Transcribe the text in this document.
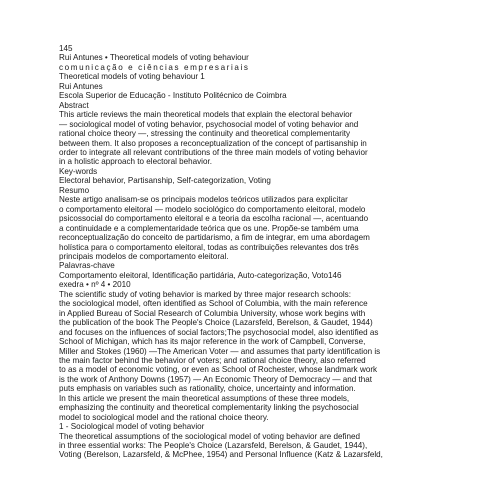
145
Rui Antunes • Theoretical models of voting behaviour
comunicação e ciências empresariais
Theoretical models of voting behaviour 1
Rui Antunes
Escola Superior de Educação - Instituto Politécnico de Coimbra
Abstract
This article reviews the main theoretical models that explain the electoral behavior
— sociological model of voting behavior, psychosocial model of voting behavior and
rational choice theory —, stressing the continuity and theoretical complementarity
between them. It also proposes a reconceptualization of the concept of partisanship in
order to integrate all relevant contributions of the three main models of voting behavior
in a holistic approach to electoral behavior.
Key-words
Electoral behavior, Partisanship, Self-categorization, Voting
Resumo
Neste artigo analisam-se os principais modelos teóricos utilizados para explicitar
o comportamento eleitoral — modelo sociológico do comportamento eleitoral, modelo
psicossocial do comportamento eleitoral e a teoria da escolha racional —, acentuando
a continuidade e a complementaridade teórica que os une. Propõe-se também uma
reconceptualização do conceito de partidarismo, a fim de integrar, em uma abordagem
holística para o comportamento eleitoral, todas as contribuições relevantes dos três
principais modelos de comportamento eleitoral.
Palavras-chave
Comportamento eleitoral, Identificação partidária, Auto-categorização, Voto146
exedra • nº 4 • 2010
The scientific study of voting behavior is marked by three major research schools:
the sociological model, often identified as School of Columbia, with the main reference
in Applied Bureau of Social Research of Columbia University, whose work begins with
the publication of the book The People's Choice (Lazarsfeld, Berelson, & Gaudet, 1944)
and focuses on the influences of social factors;The psychosocial model, also identified as
School of Michigan, which has its major reference in the work of Campbell, Converse,
Miller and Stokes (1960) —The American Voter — and assumes that party identification is
the main factor behind the behavior of voters; and rational choice theory, also referred
to as a model of economic voting, or even as School of Rochester, whose landmark work
is the work of Anthony Downs (1957) — An Economic Theory of Democracy — and that
puts emphasis on variables such as rationality, choice, uncertainty and information.
In this article we present the main theoretical assumptions of these three models,
emphasizing the continuity and theoretical complementarity linking the psychosocial
model to sociological model and the rational choice theory.
1 - Sociological model of voting behavior
The theoretical assumptions of the sociological model of voting behavior are defined
in three essential works: The People's Choice (Lazarsfeld, Berelson, & Gaudet, 1944),
Voting (Berelson, Lazarsfeld, & McPhee, 1954) and Personal Influence (Katz & Lazarsfeld,
